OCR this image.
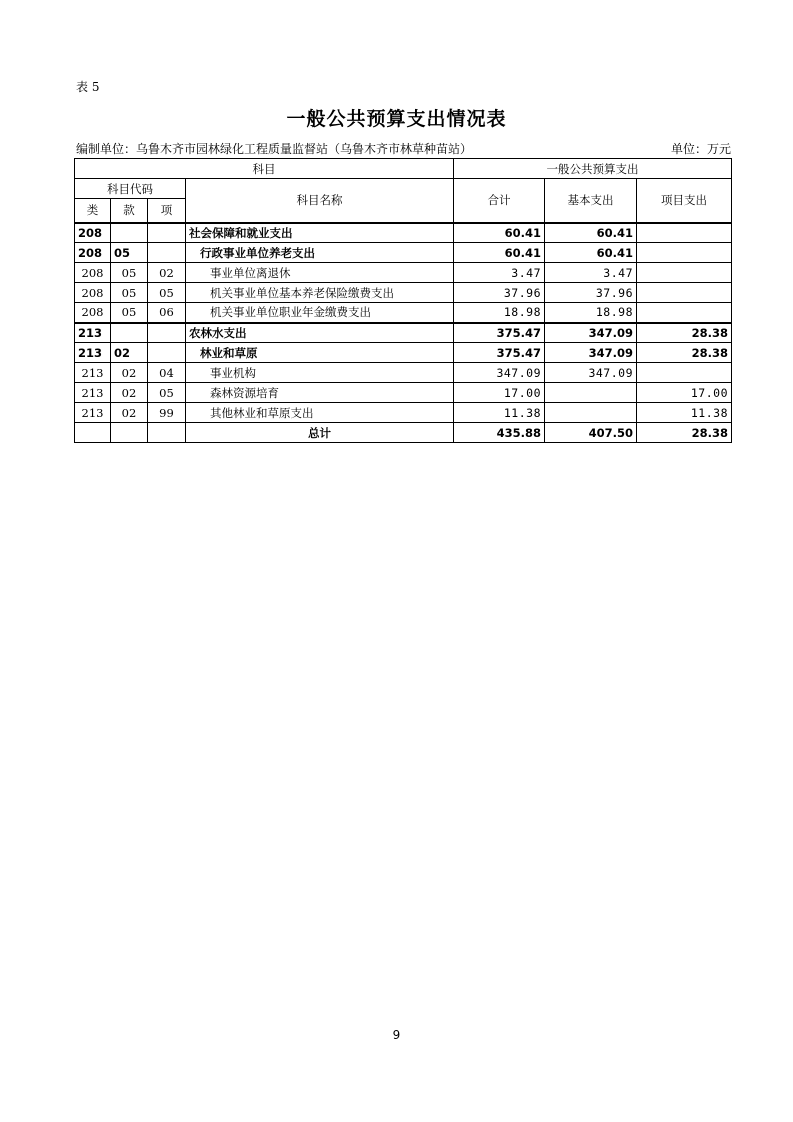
表 5
一般公共预算支出情况表
编制单位：乌鲁木齐市园林绿化工程质量监督站（乌鲁木齐市林草种苗站）	单位：万元
科目				一般公共预算支出		
科目代码			科目名称	合计	基本支出	项目支出
类	款	项				
208			社会保障和就业支出	60.41	60.41	
208	05		行政事业单位养老支出	60.41	60.41	
208	05	02	事业单位离退休	3.47	3.47	
208	05	05	机关事业单位基本养老保险缴费支出	37.96	37.96	
208	05	06	机关事业单位职业年金缴费支出	18.98	18.98	
213			农林水支出	375.47	347.09	28.38
213	02		林业和草原	375.47	347.09	28.38
213	02	04	事业机构	347.09	347.09	
213	02	05	森林资源培育	17.00		17.00
213	02	99	其他林业和草原支出	11.38		11.38
			总计	435.88	407.50	28.38
9
